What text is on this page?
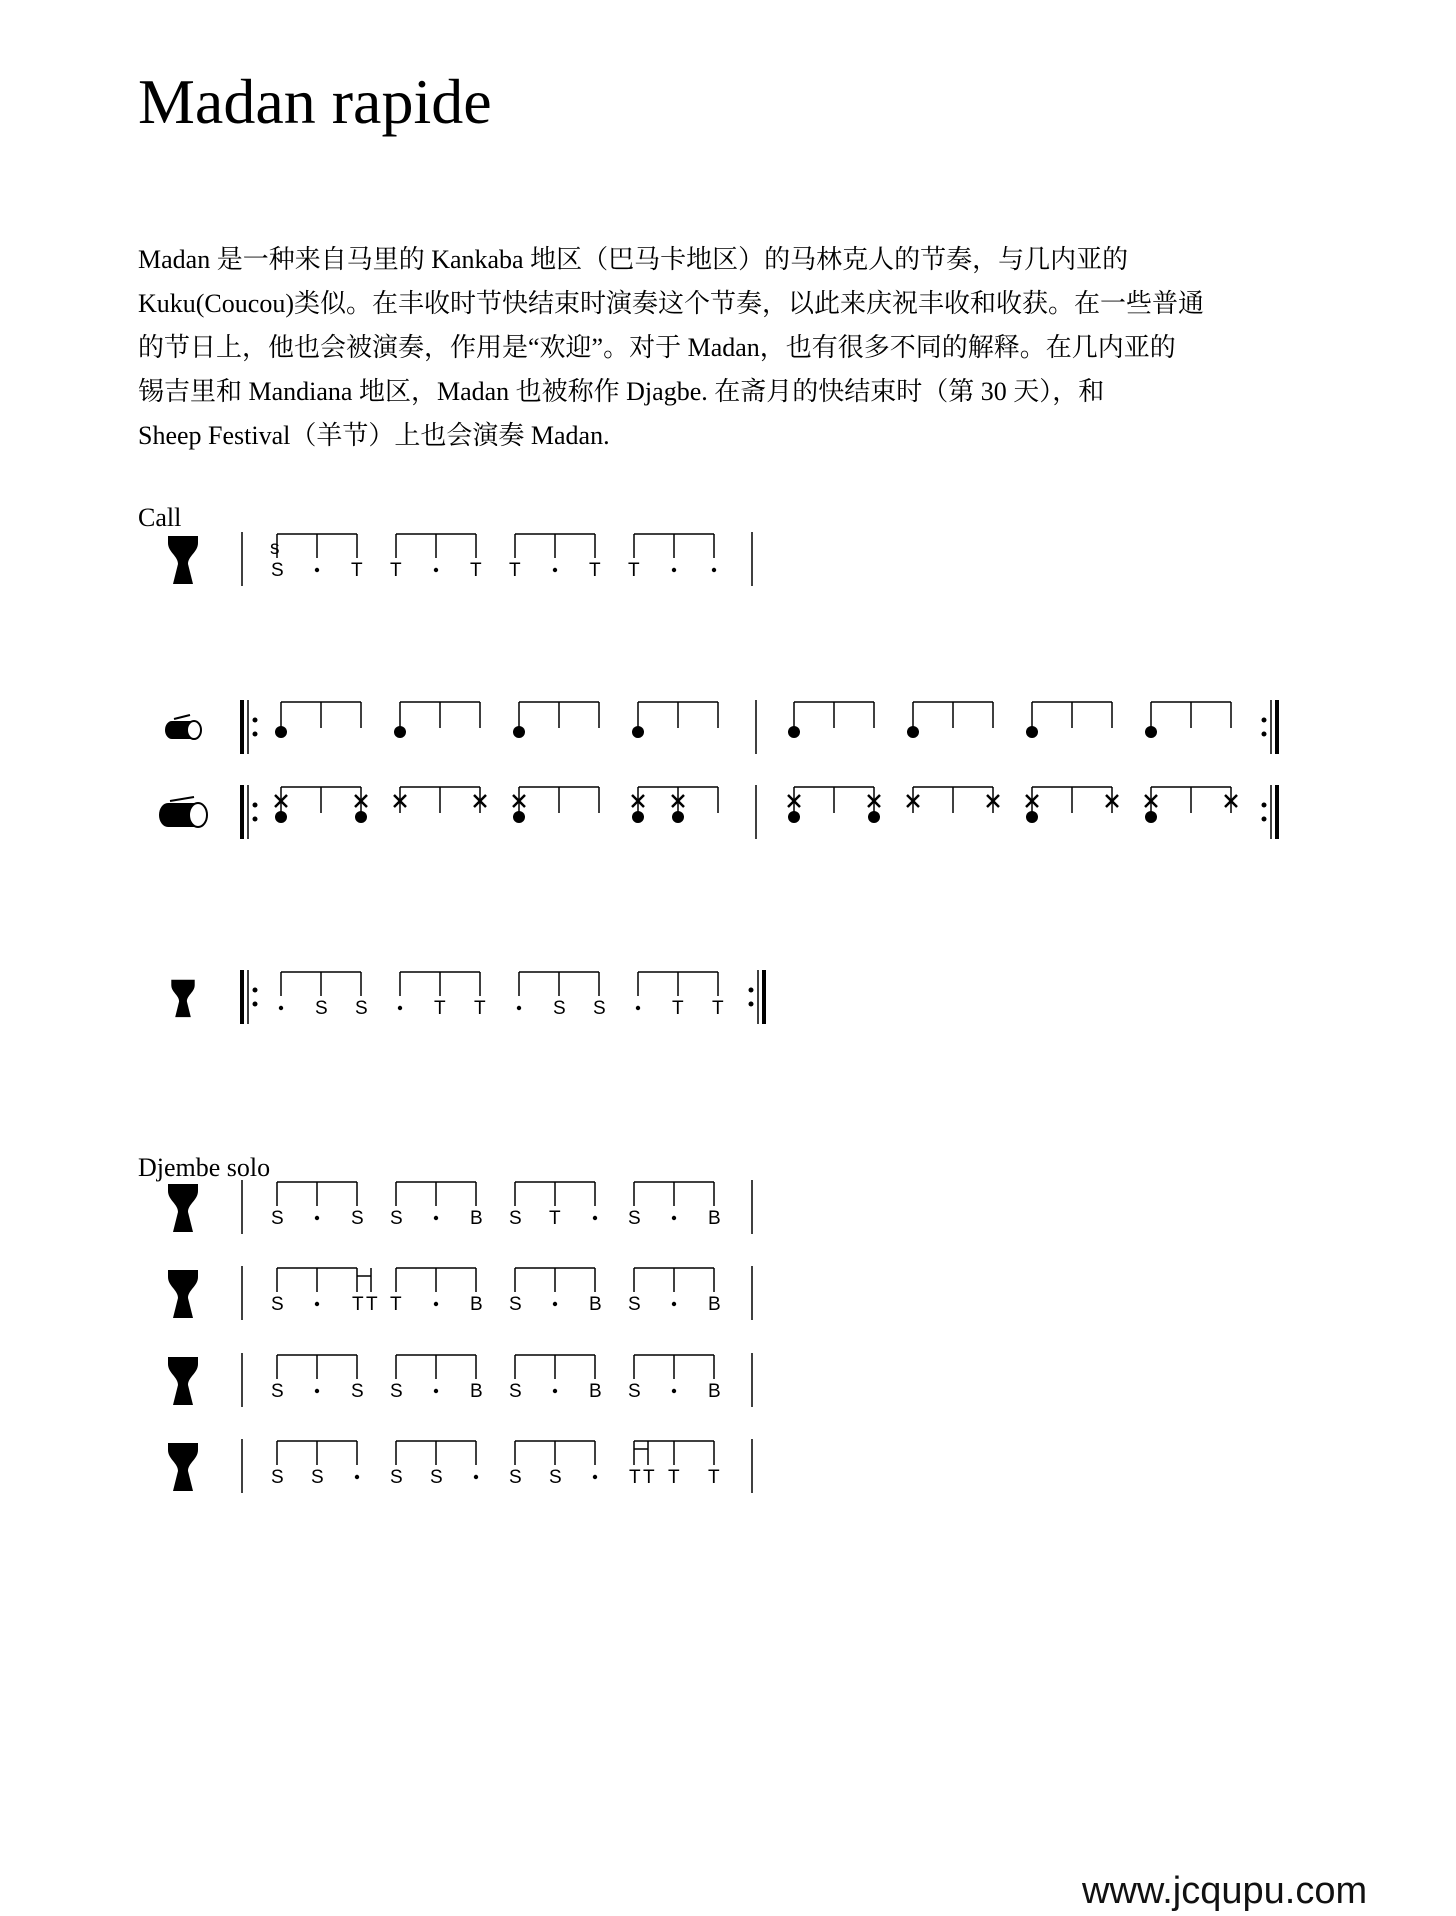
Madan rapide
Madan 是一种来自马里的 Kankaba 地区（巴马卡地区）的马林克人的节奏，与几内亚的
Kuku(Coucou)类似。在丰收时节快结束时演奏这个节奏，以此来庆祝丰收和收获。在一些普通
的节日上，他也会被演奏，作用是“欢迎”。对于 Madan，也有很多不同的解释。在几内亚的
锡吉里和 Mandiana 地区，Madan 也被称作 Djagbe. 在斋月的快结束时（第 30 天），和
Sheep Festival（羊节）上也会演奏 Madan.
Call
Djembe solo
S	T T	T T	T T
s
S S	T T	S S	T T
S	S S	B S T	S	B
S	T T T	B S	B S	B
S	S S	B S	B S	B
S S	S S	S S	T T T T
www.jcqupu.com
